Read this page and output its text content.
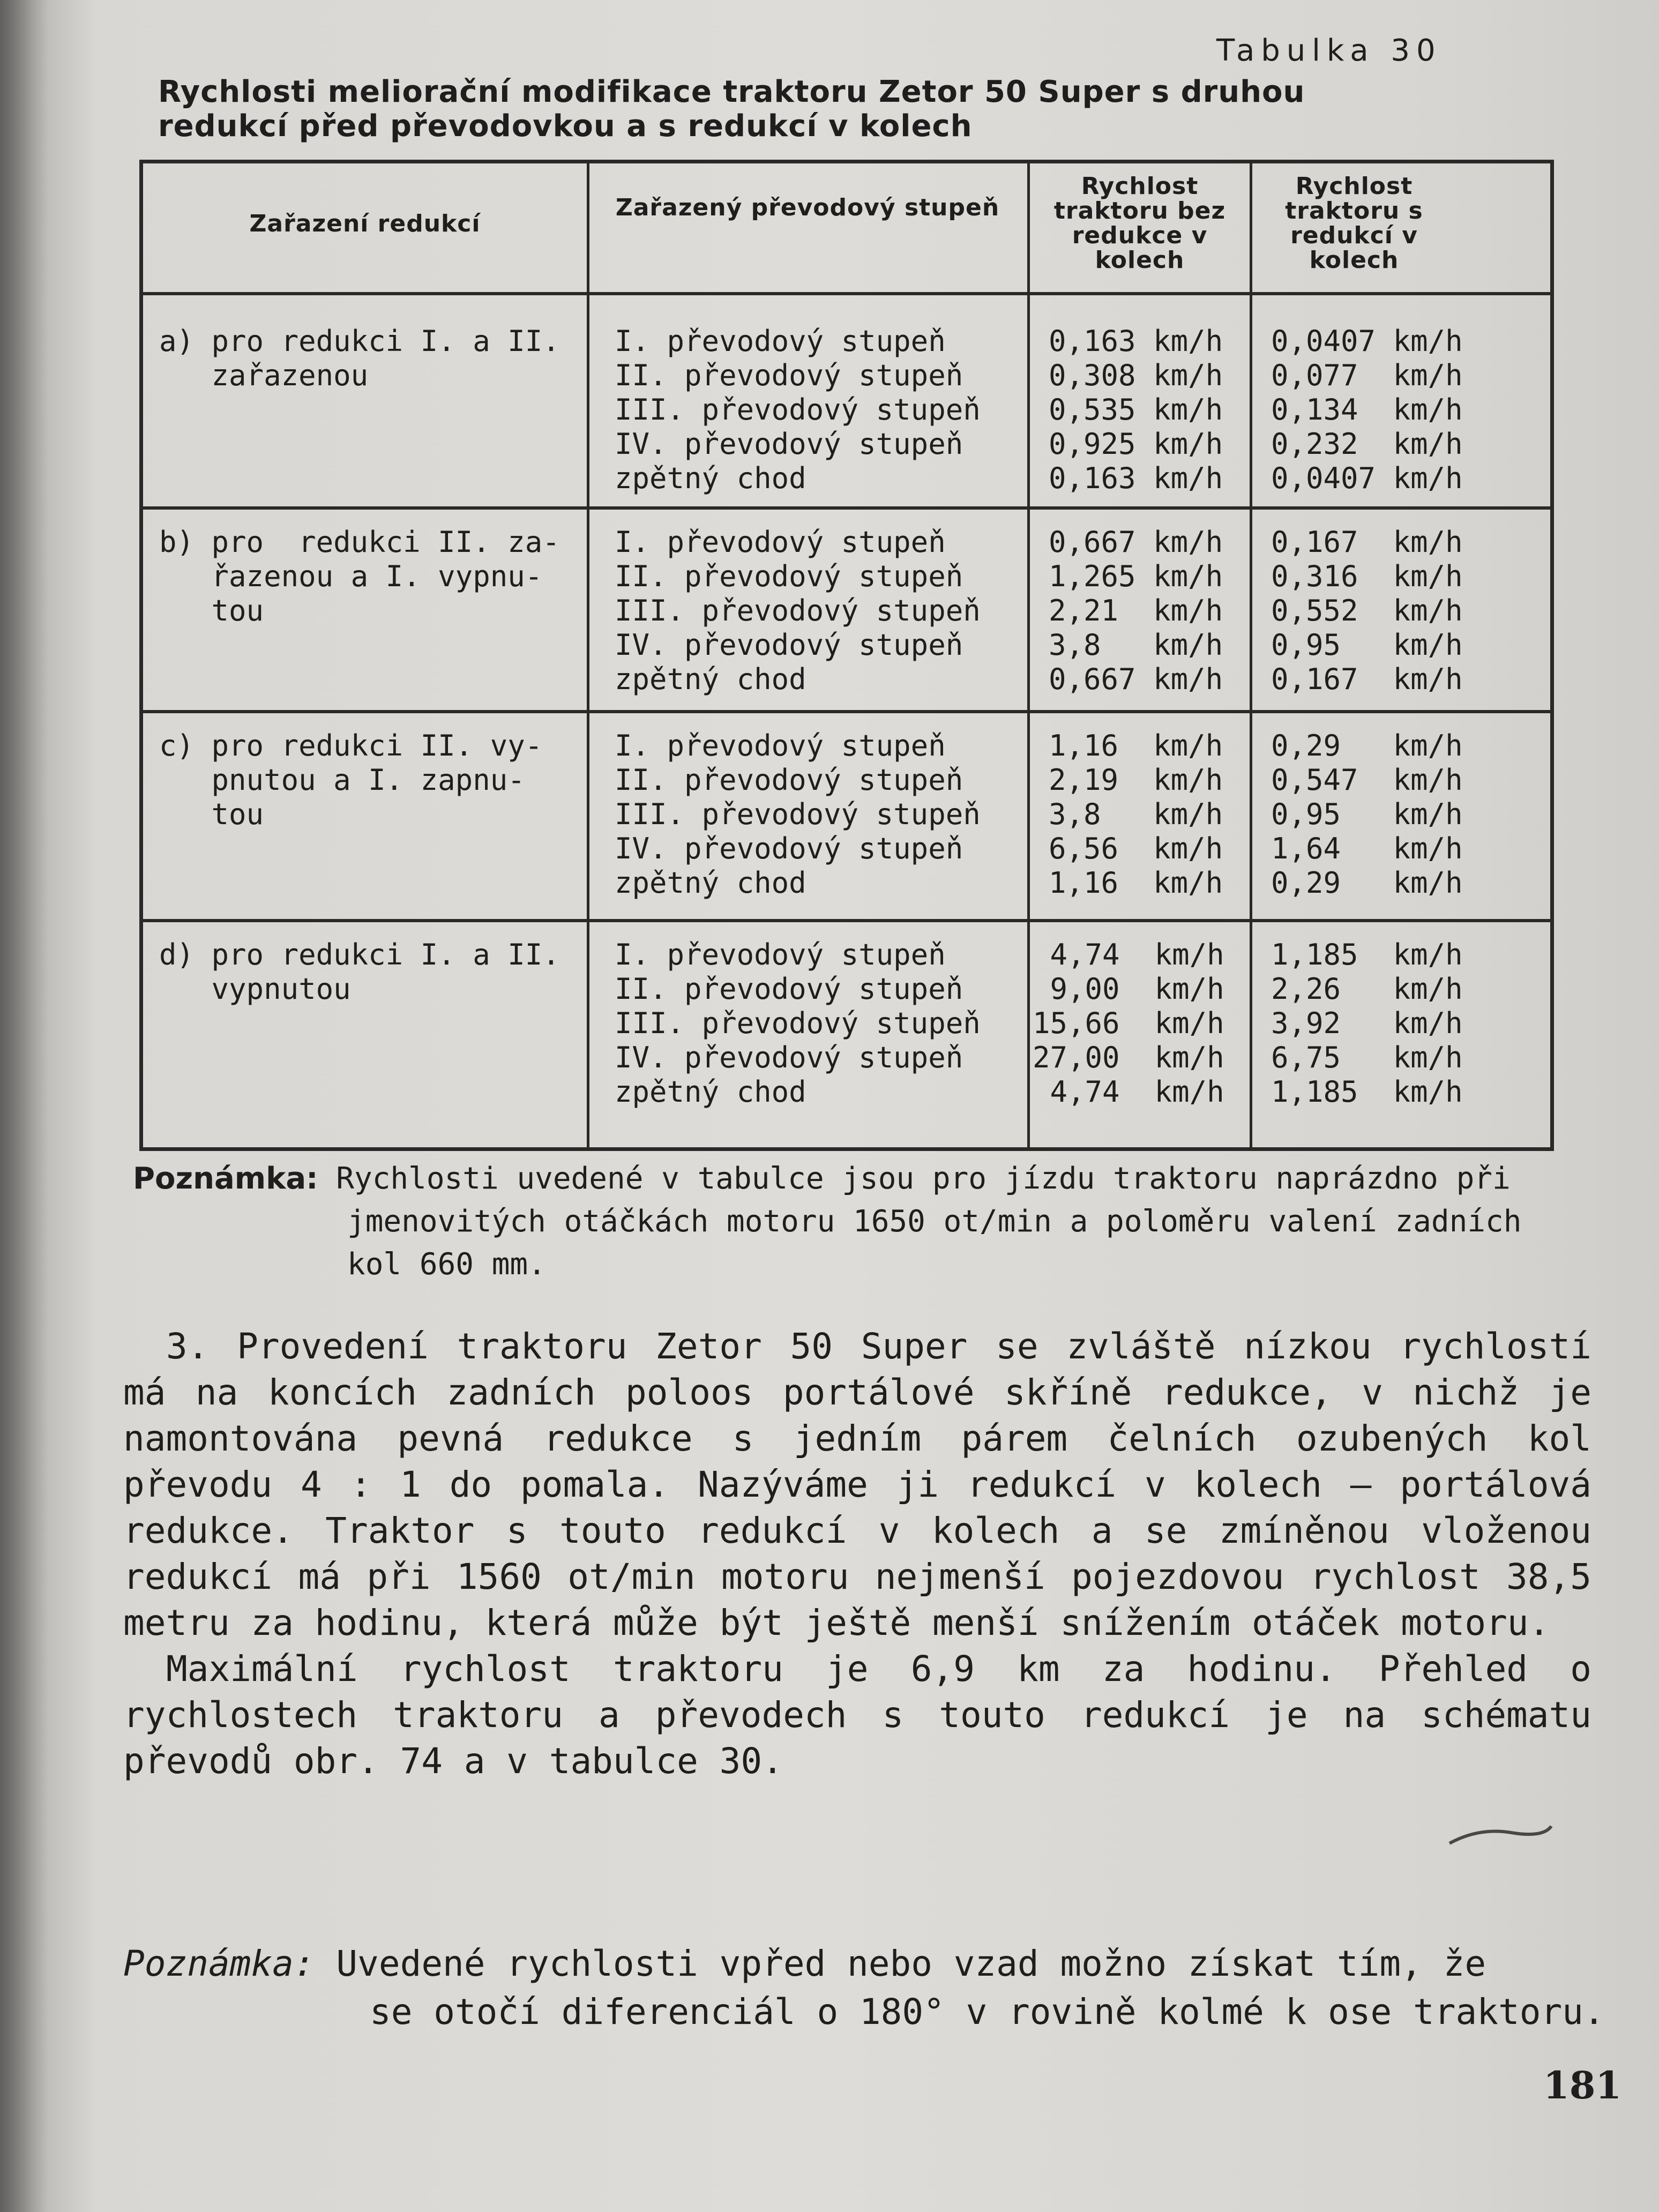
Tabulka 30
Rychlosti meliorační modifikace traktoru Zetor 50 Super s druhou redukcí před převodovkou a s redukcí v kolech
Zařazení redukcí
Zařazený převodový stupeň
Rychlost traktoru bez redukce v kolech
Rychlost traktoru s redukcí v kolech
a) pro redukci I. a II.
zařazenou
I. převodový stupeň
II. převodový stupeň
III. převodový stupeň
IV. převodový stupeň
zpětný chod
0,163 km/h
0,308 km/h
0,535 km/h
0,925 km/h
0,163 km/h
0,0407 km/h
0,077  km/h
0,134  km/h
0,232  km/h
0,0407 km/h
b) pro  redukci II. za-
řazenou a I. vypnu-
tou
I. převodový stupeň
II. převodový stupeň
III. převodový stupeň
IV. převodový stupeň
zpětný chod
0,667 km/h
1,265 km/h
2,21  km/h
3,8   km/h
0,667 km/h
0,167  km/h
0,316  km/h
0,552  km/h
0,95   km/h
0,167  km/h
c) pro redukci II. vy-
pnutou a I. zapnu-
tou
I. převodový stupeň
II. převodový stupeň
III. převodový stupeň
IV. převodový stupeň
zpětný chod
1,16  km/h
2,19  km/h
3,8   km/h
6,56  km/h
1,16  km/h
0,29   km/h
0,547  km/h
0,95   km/h
1,64   km/h
0,29   km/h
d) pro redukci I. a II.
vypnutou
I. převodový stupeň
II. převodový stupeň
III. převodový stupeň
IV. převodový stupeň
zpětný chod
4,74  km/h
9,00  km/h
15,66  km/h
27,00  km/h
4,74  km/h
1,185  km/h
2,26   km/h
3,92   km/h
6,75   km/h
1,185  km/h
Poznámka: Rychlosti uvedené v tabulce jsou pro jízdu traktoru naprázdno při
jmenovitých otáčkách motoru 1650 ot/min a poloměru valení zadních kol 660 mm.

3. Provedení traktoru Zetor 50 Super se zvláště nízkou rychlostí má na koncích zadních poloos portálové skříně redukce, v nichž je namontována pevná redukce s jedním párem čelních ozubených kol převodu 4 : 1 do pomala. Nazýváme ji redukcí v kolech — portálová redukce. Traktor s touto redukcí v kolech a se zmíněnou vloženou redukcí má při 1560 ot/min motoru nejmenší pojezdovou rychlost 38,5 metru za hodinu, která může být ještě menší snížením otáček motoru.

Maximální rychlost traktoru je 6,9 km za hodinu. Přehled o rychlostech traktoru a převodech s touto redukcí je na schématu převodů obr. 74 a v tabulce 30.

Poznámka: Uvedené rychlosti vpřed nebo vzad možno získat tím, že
se otočí diferenciál o 180° v rovině kolmé k ose traktoru.
181
